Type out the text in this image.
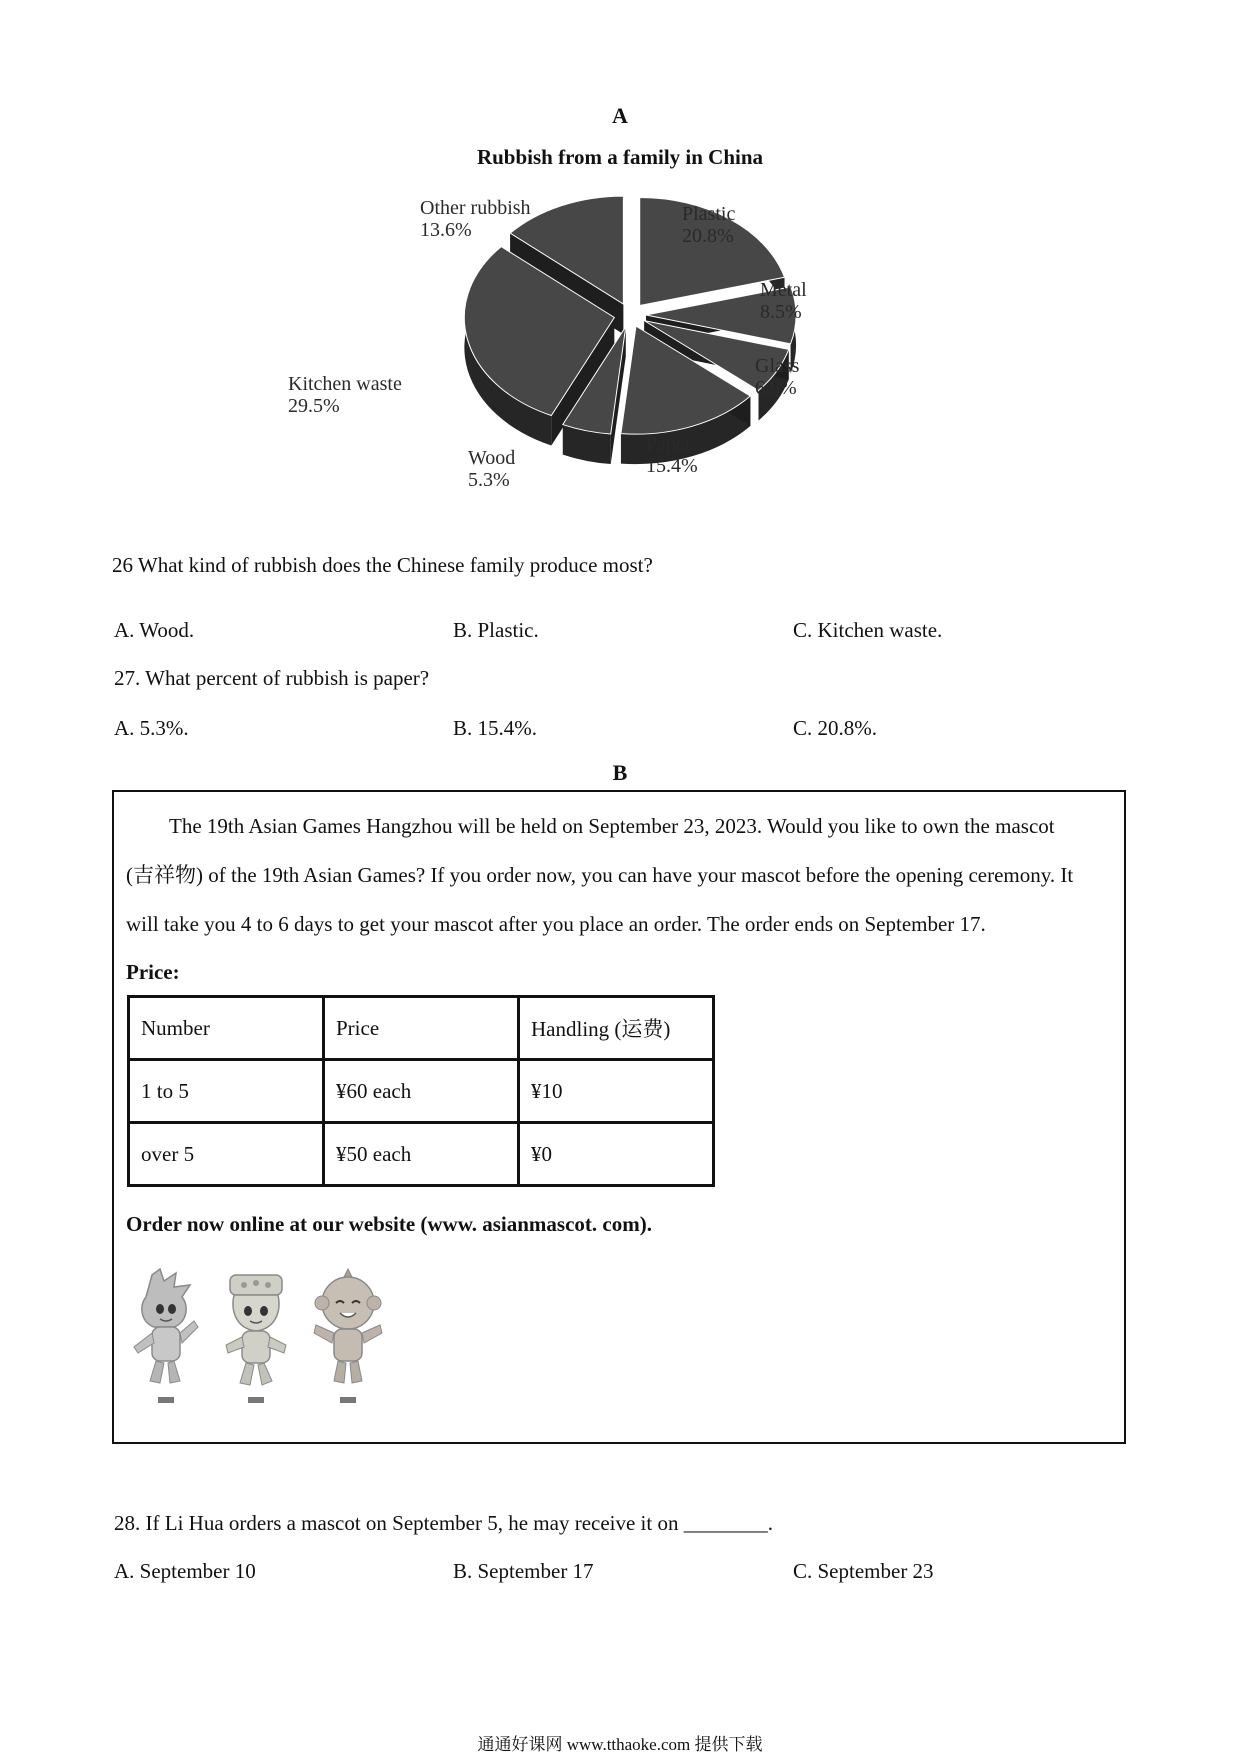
A
Rubbish from a family in China
Other rubbish
13.6%
Plastic
20.8%
Metal
8.5%
Glass
6.9%
Paper
15.4%
Wood
5.3%
Kitchen waste
29.5%
26 What kind of rubbish does the Chinese family produce most?
A. Wood.	B. Plastic.	C. Kitchen waste.
27. What percent of rubbish is paper?
A. 5.3%.	B. 15.4%.	C. 20.8%.
B
The 19th Asian Games Hangzhou will be held on September 23, 2023. Would you like to own the mascot
(吉祥物) of the 19th Asian Games? If you order now, you can have your mascot before the opening ceremony. It
will take you 4 to 6 days to get your mascot after you place an order. The order ends on September 17.
Price:
Number	Price	Handling (运费)
1 to 5	¥60 each	¥10
over 5	¥50 each	¥0
Order now online at our website (www. asianmascot. com).
28. If Li Hua orders a mascot on September 5, he may receive it on ________.
A. September 10	B. September 17	C. September 23
通通好课网 www.tthaoke.com 提供下载
